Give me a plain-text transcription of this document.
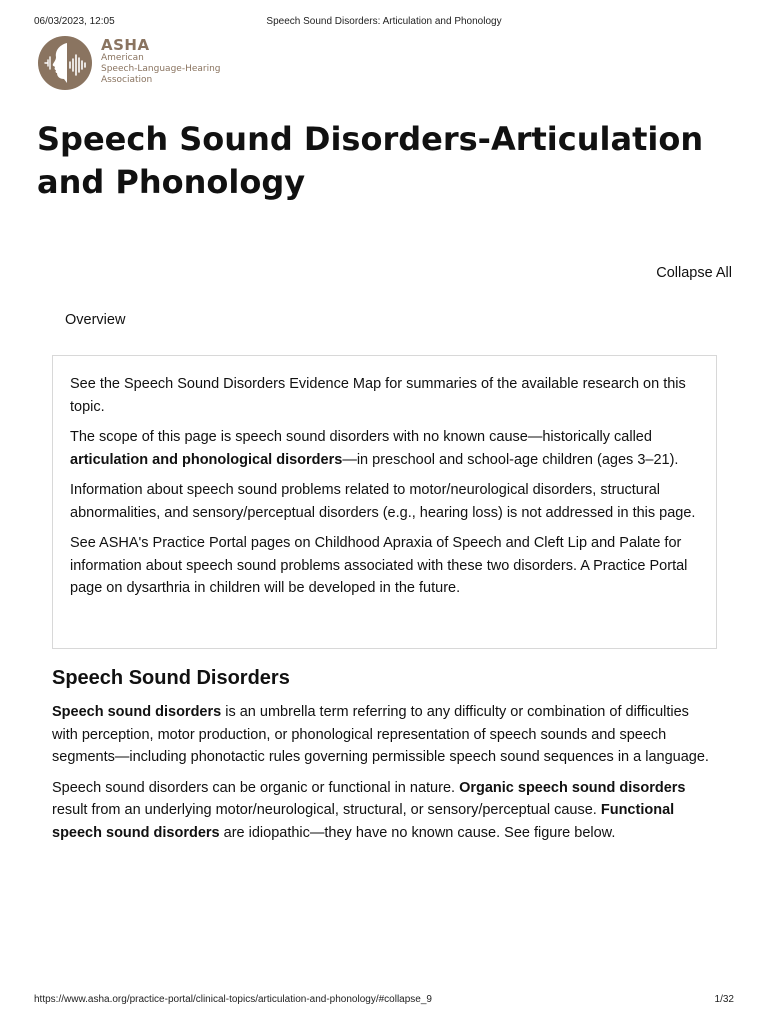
06/03/2023, 12:05	Speech Sound Disorders: Articulation and Phonology
ASHA
American
Speech-Language-Hearing
Association
Speech Sound Disorders-Articulation and Phonology
Collapse All
Overview

See the Speech Sound Disorders Evidence Map for summaries of the available research on this topic.

The scope of this page is speech sound disorders with no known cause—historically called articulation and phonological disorders—in preschool and school-age children (ages 3–21).

Information about speech sound problems related to motor/neurological disorders, structural abnormalities, and sensory/perceptual disorders (e.g., hearing loss) is not addressed in this page.

See ASHA's Practice Portal pages on Childhood Apraxia of Speech and Cleft Lip and Palate for information about speech sound problems associated with these two disorders. A Practice Portal page on dysarthria in children will be developed in the future.

Speech Sound Disorders

Speech sound disorders is an umbrella term referring to any difficulty or combination of difficulties with perception, motor production, or phonological representation of speech sounds and speech segments—including phonotactic rules governing permissible speech sound sequences in a language.

Speech sound disorders can be organic or functional in nature. Organic speech sound disorders result from an underlying motor/neurological, structural, or sensory/perceptual cause. Functional speech sound disorders are idiopathic—they have no known cause. See figure below.

https://www.asha.org/practice-portal/clinical-topics/articulation-and-phonology/#collapse_9	1/32
